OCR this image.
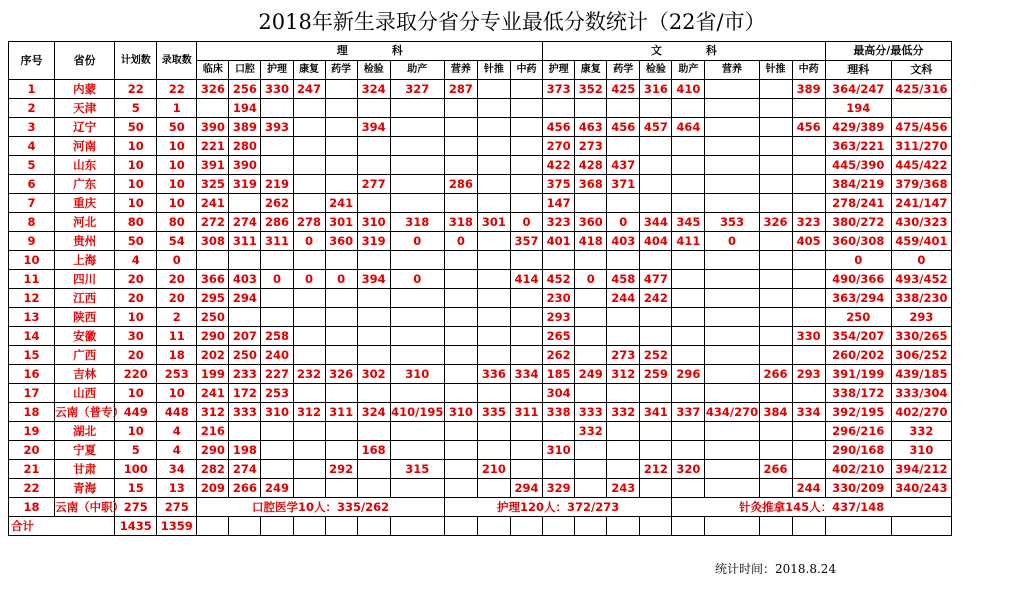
2018年新生录取分省分专业最低分数统计（22省/市）
序号	省份	计划数	录取数	理　　　　科										文　　　　科								最高分/最低分	
				临床	口腔	护理	康复	药学	检验	助产	营养	针推	中药	护理	康复	药学	检验	助产	营养	针推	中药	理科	文科
1	内蒙	22	22	326	256	330	247		324	327	287			373	352	425	316	410			389	364/247	425/316
2	天津	5	1		194																	194	
3	辽宁	50	50	390	389	393			394					456	463	456	457	464			456	429/389	475/456
4	河南	10	10	221	280									270	273							363/221	311/270
5	山东	10	10	391	390									422	428	437						445/390	445/422
6	广东	10	10	325	319	219			277		286			375	368	371						384/219	379/368
7	重庆	10	10	241		262		241						147								278/241	241/147
8	河北	80	80	272	274	286	278	301	310	318	318	301	0	323	360	0	344	345	353	326	323	380/272	430/323
9	贵州	50	54	308	311	311	0	360	319	0	0		357	401	418	403	404	411	0		405	360/308	459/401
10	上海	4	0																			0	0
11	四川	20	20	366	403	0	0	0	394	0			414	452	0	458	477					490/366	493/452
12	江西	20	20	295	294									230		244	242					363/294	338/230
13	陕西	10	2	250										293								250	293
14	安徽	30	11	290	207	258								265							330	354/207	330/265
15	广西	20	18	202	250	240								262		273	252					260/202	306/252
16	吉林	220	253	199	233	227	232	326	302	310		336	334	185	249	312	259	296		266	293	391/199	439/185
17	山西	10	10	241	172	253								304								338/172	333/304
18	云南（普专）	449	448	312	333	310	312	311	324	410/195	310	335	311	338	333	332	341	337	434/270	384	334	392/195	402/270
19	湖北	10	4	216											332							296/216	332
20	宁夏	5	4	290	198				168					310								290/168	310
21	甘肃	100	34	282	274			292		315		210					212	320		266		402/210	394/212
22	青海	15	13	209	266	249							294	329		243					244	330/209	340/243
18	云南（中职）	275	275	口腔医学10人：335/262							护理120人：372/273							针灸推拿145人：437/148					
合计		1435	1359																				
统计时间：2018.8.24
